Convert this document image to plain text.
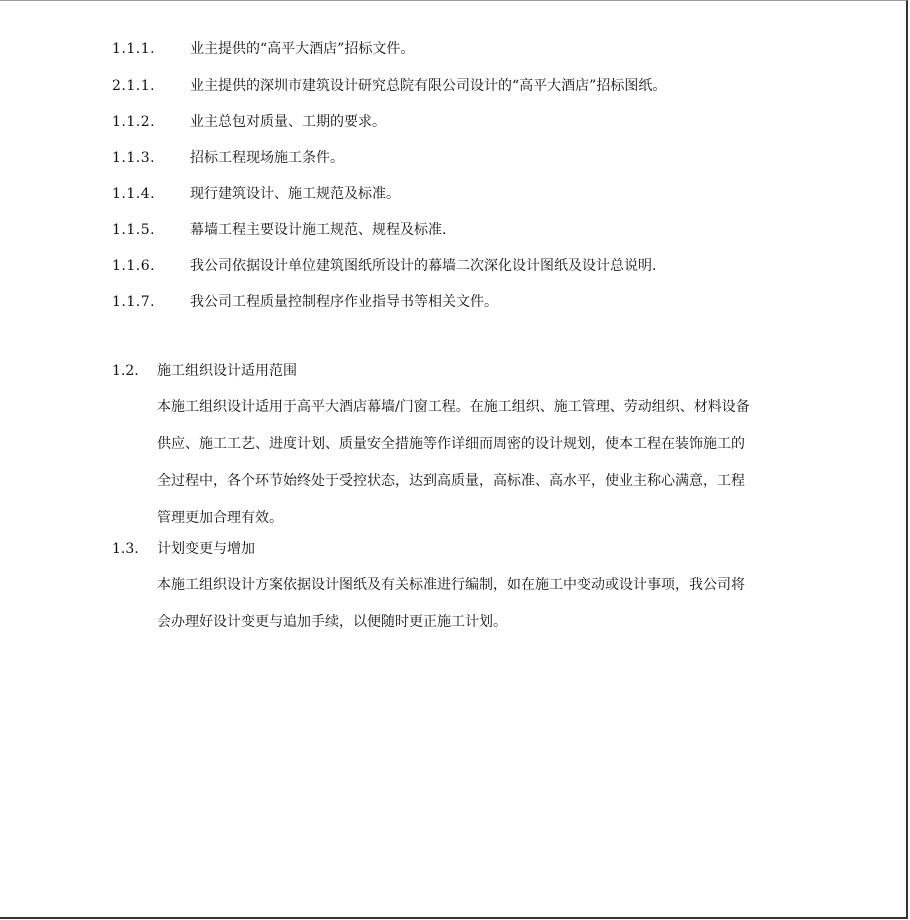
1.1.1. 业主提供的“高平大酒店”招标文件。
2.1.1. 业主提供的深圳市建筑设计研究总院有限公司设计的“高平大酒店”招标图纸。
1.1.2. 业主总包对质量、工期的要求。
1.1.3. 招标工程现场施工条件。
1.1.4. 现行建筑设计、施工规范及标准。
1.1.5. 幕墙工程主要设计施工规范、规程及标准.
1.1.6. 我公司依据设计单位建筑图纸所设计的幕墙二次深化设计图纸及设计总说明.
1.1.7. 我公司工程质量控制程序作业指导书等相关文件。
1.2. 施工组织设计适用范围
本施工组织设计适用于高平大酒店幕墙/门窗工程。在施工组织、施工管理、劳动组织、材料设备
供应、施工工艺、进度计划、质量安全措施等作详细而周密的设计规划，使本工程在装饰施工的
全过程中，各个环节始终处于受控状态，达到高质量，高标准、高水平，使业主称心满意，工程
管理更加合理有效。
1.3. 计划变更与增加
本施工组织设计方案依据设计图纸及有关标准进行编制，如在施工中变动或设计事项，我公司将
会办理好设计变更与追加手续，以便随时更正施工计划。
